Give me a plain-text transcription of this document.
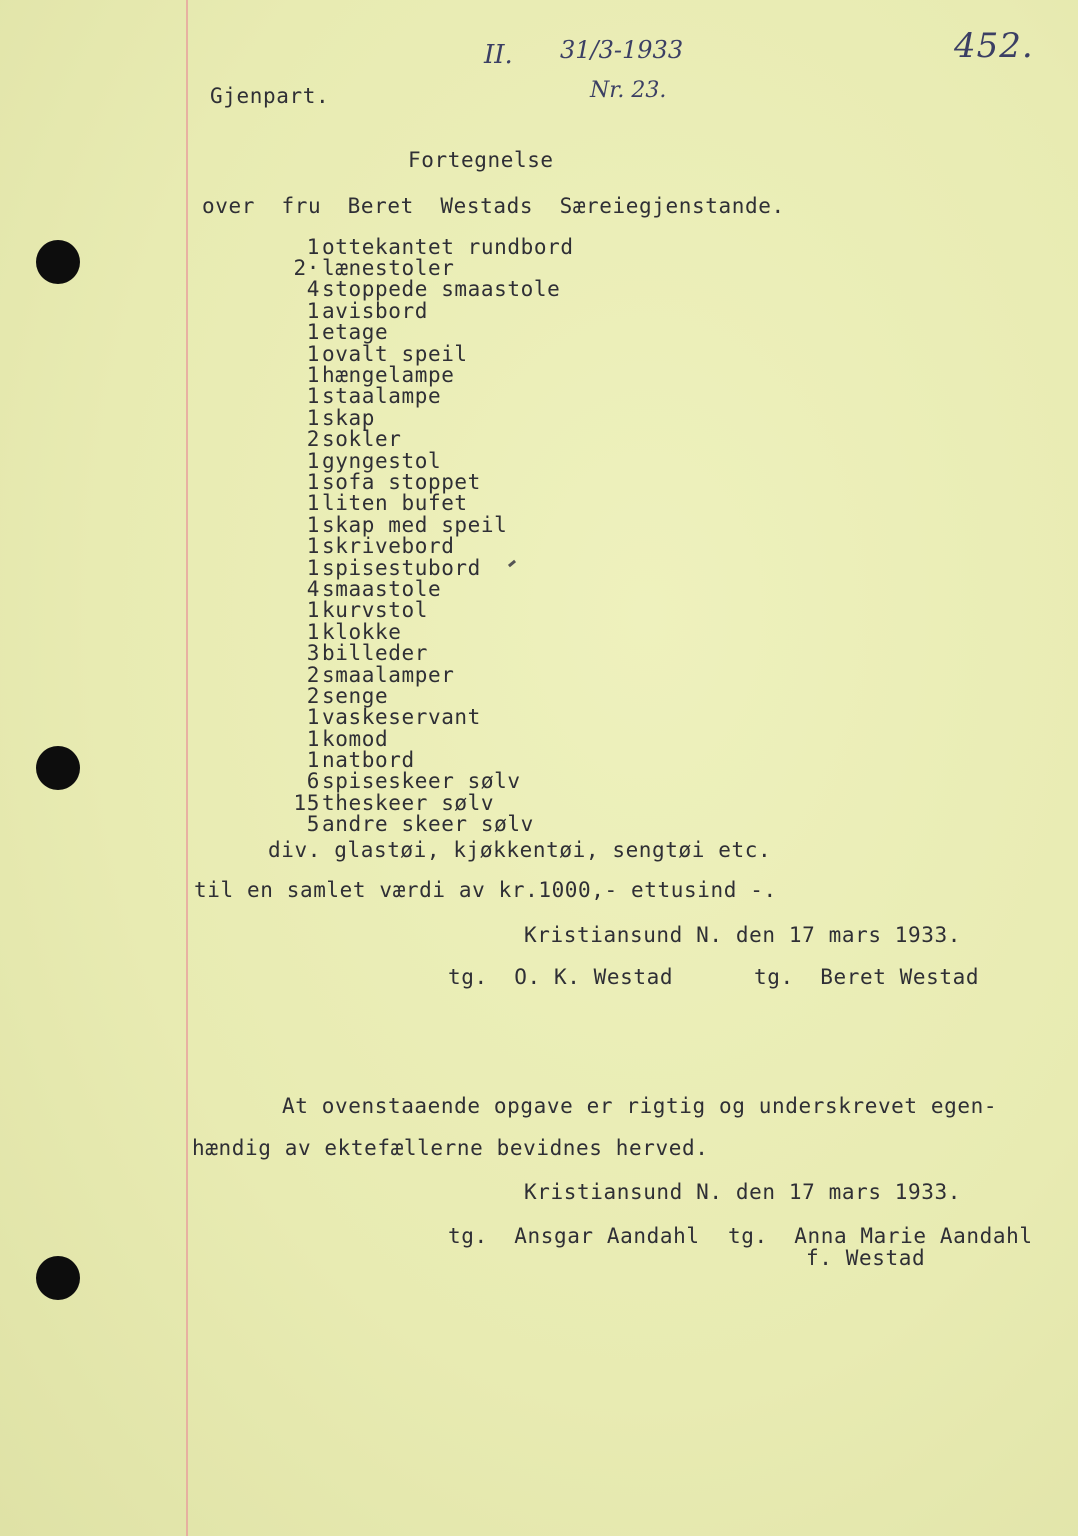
II. 31/3-1933
Nr. 23.
452.
Gjenpart.
Fortegnelse
over  fru  Beret  Westads  Særeiegjenstande.
1 ottekantet rundbord
2· lænestoler
4 stoppede smaastole
1 avisbord
1 etage
1 ovalt speil
1 hængelampe
1 staalampe
1 skap
2 sokler
1 gyngestol
1 sofa stoppet
1 liten bufet
1 skap med speil
1 skrivebord
1 spisestubord
4 smaastole
1 kurvstol
1 klokke
3 billeder
2 smaalamper
2 senge
1 vaskeservant
1 komod
1 natbord
6 spiseskeer sølv
15 theskeer sølv
5 andre skeer sølv
div. glastøi, kjøkkentøi, sengtøi etc.
til en samlet værdi av kr.1000,- ettusind -.
Kristiansund N. den 17 mars 1933.
tg.  O. K. Westad	tg.  Beret Westad
At ovenstaaende opgave er rigtig og underskrevet egen-
hændig av ektefællerne bevidnes herved.
Kristiansund N. den 17 mars 1933.
tg.  Ansgar Aandahl tg.  Anna Marie Aandahl
f. Westad
